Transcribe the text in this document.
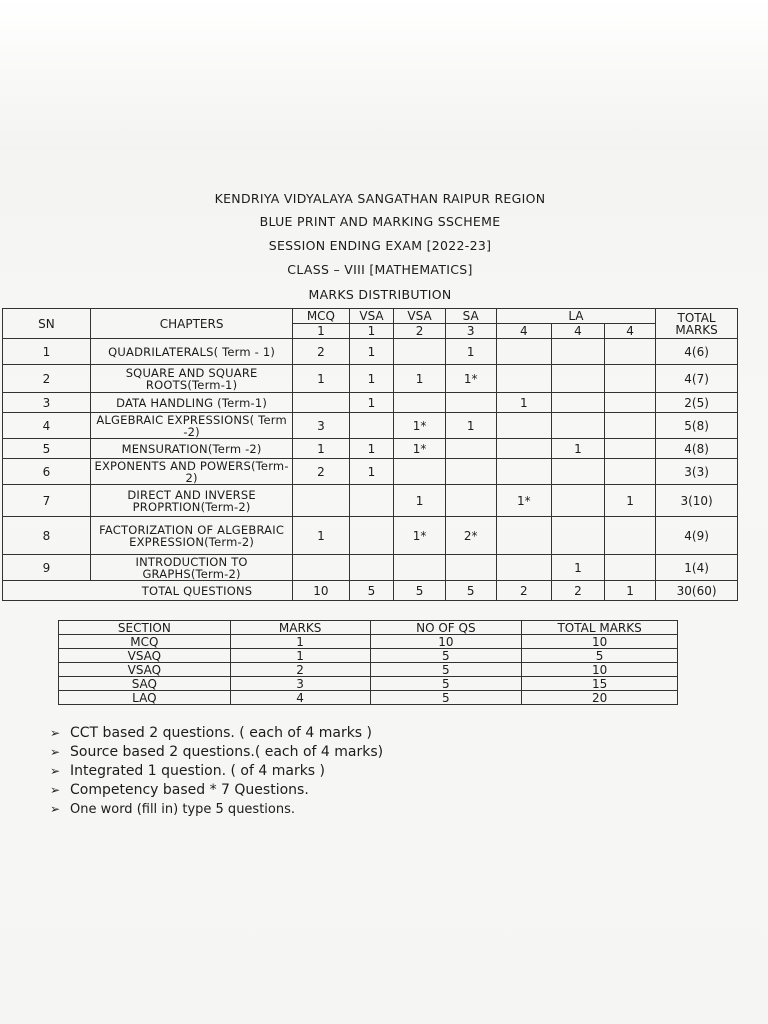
KENDRIYA VIDYALAYA SANGATHAN RAIPUR REGION
BLUE PRINT AND MARKING SSCHEME
SESSION ENDING EXAM [2022-23]
CLASS – VIII [MATHEMATICS]
MARKS DISTRIBUTION
SN	CHAPTERS	MCQ	VSA	VSA	SA	LA			TOTAL MARKS
		1	1	2	3	4	4	4	
1	QUADRILATERALS( Term - 1)	2	1		1				4(6)
2	SQUARE AND SQUARE ROOTS(Term-1)	1	1	1	1*				4(7)
3	DATA HANDLING (Term-1)		1			1			2(5)
4	ALGEBRAIC EXPRESSIONS( Term -2)	3		1*	1				5(8)
5	MENSURATION(Term -2)	1	1	1*			1		4(8)
6	EXPONENTS AND POWERS(Term-2)	2	1						3(3)
7	DIRECT AND INVERSE PROPRTION(Term-2)			1		1*		1	3(10)
8	FACTORIZATION OF ALGEBRAIC EXPRESSION(Term-2)	1		1*	2*				4(9)
9	INTRODUCTION TO GRAPHS(Term-2)						1		1(4)
TOTAL QUESTIONS		10	5	5	5	2	2	1	30(60)
SECTION	MARKS	NO OF QS	TOTAL MARKS
MCQ	1	10	10
VSAQ	1	5	5
VSAQ	2	5	10
SAQ	3	5	15
LAQ	4	5	20
➢ CCT based 2 questions. ( each of 4 marks )
➢ Source based 2 questions.( each of 4 marks)
➢ Integrated 1 question. ( of 4 marks )
➢ Competency based * 7 Questions.
➢ One word (fill in) type 5 questions.
